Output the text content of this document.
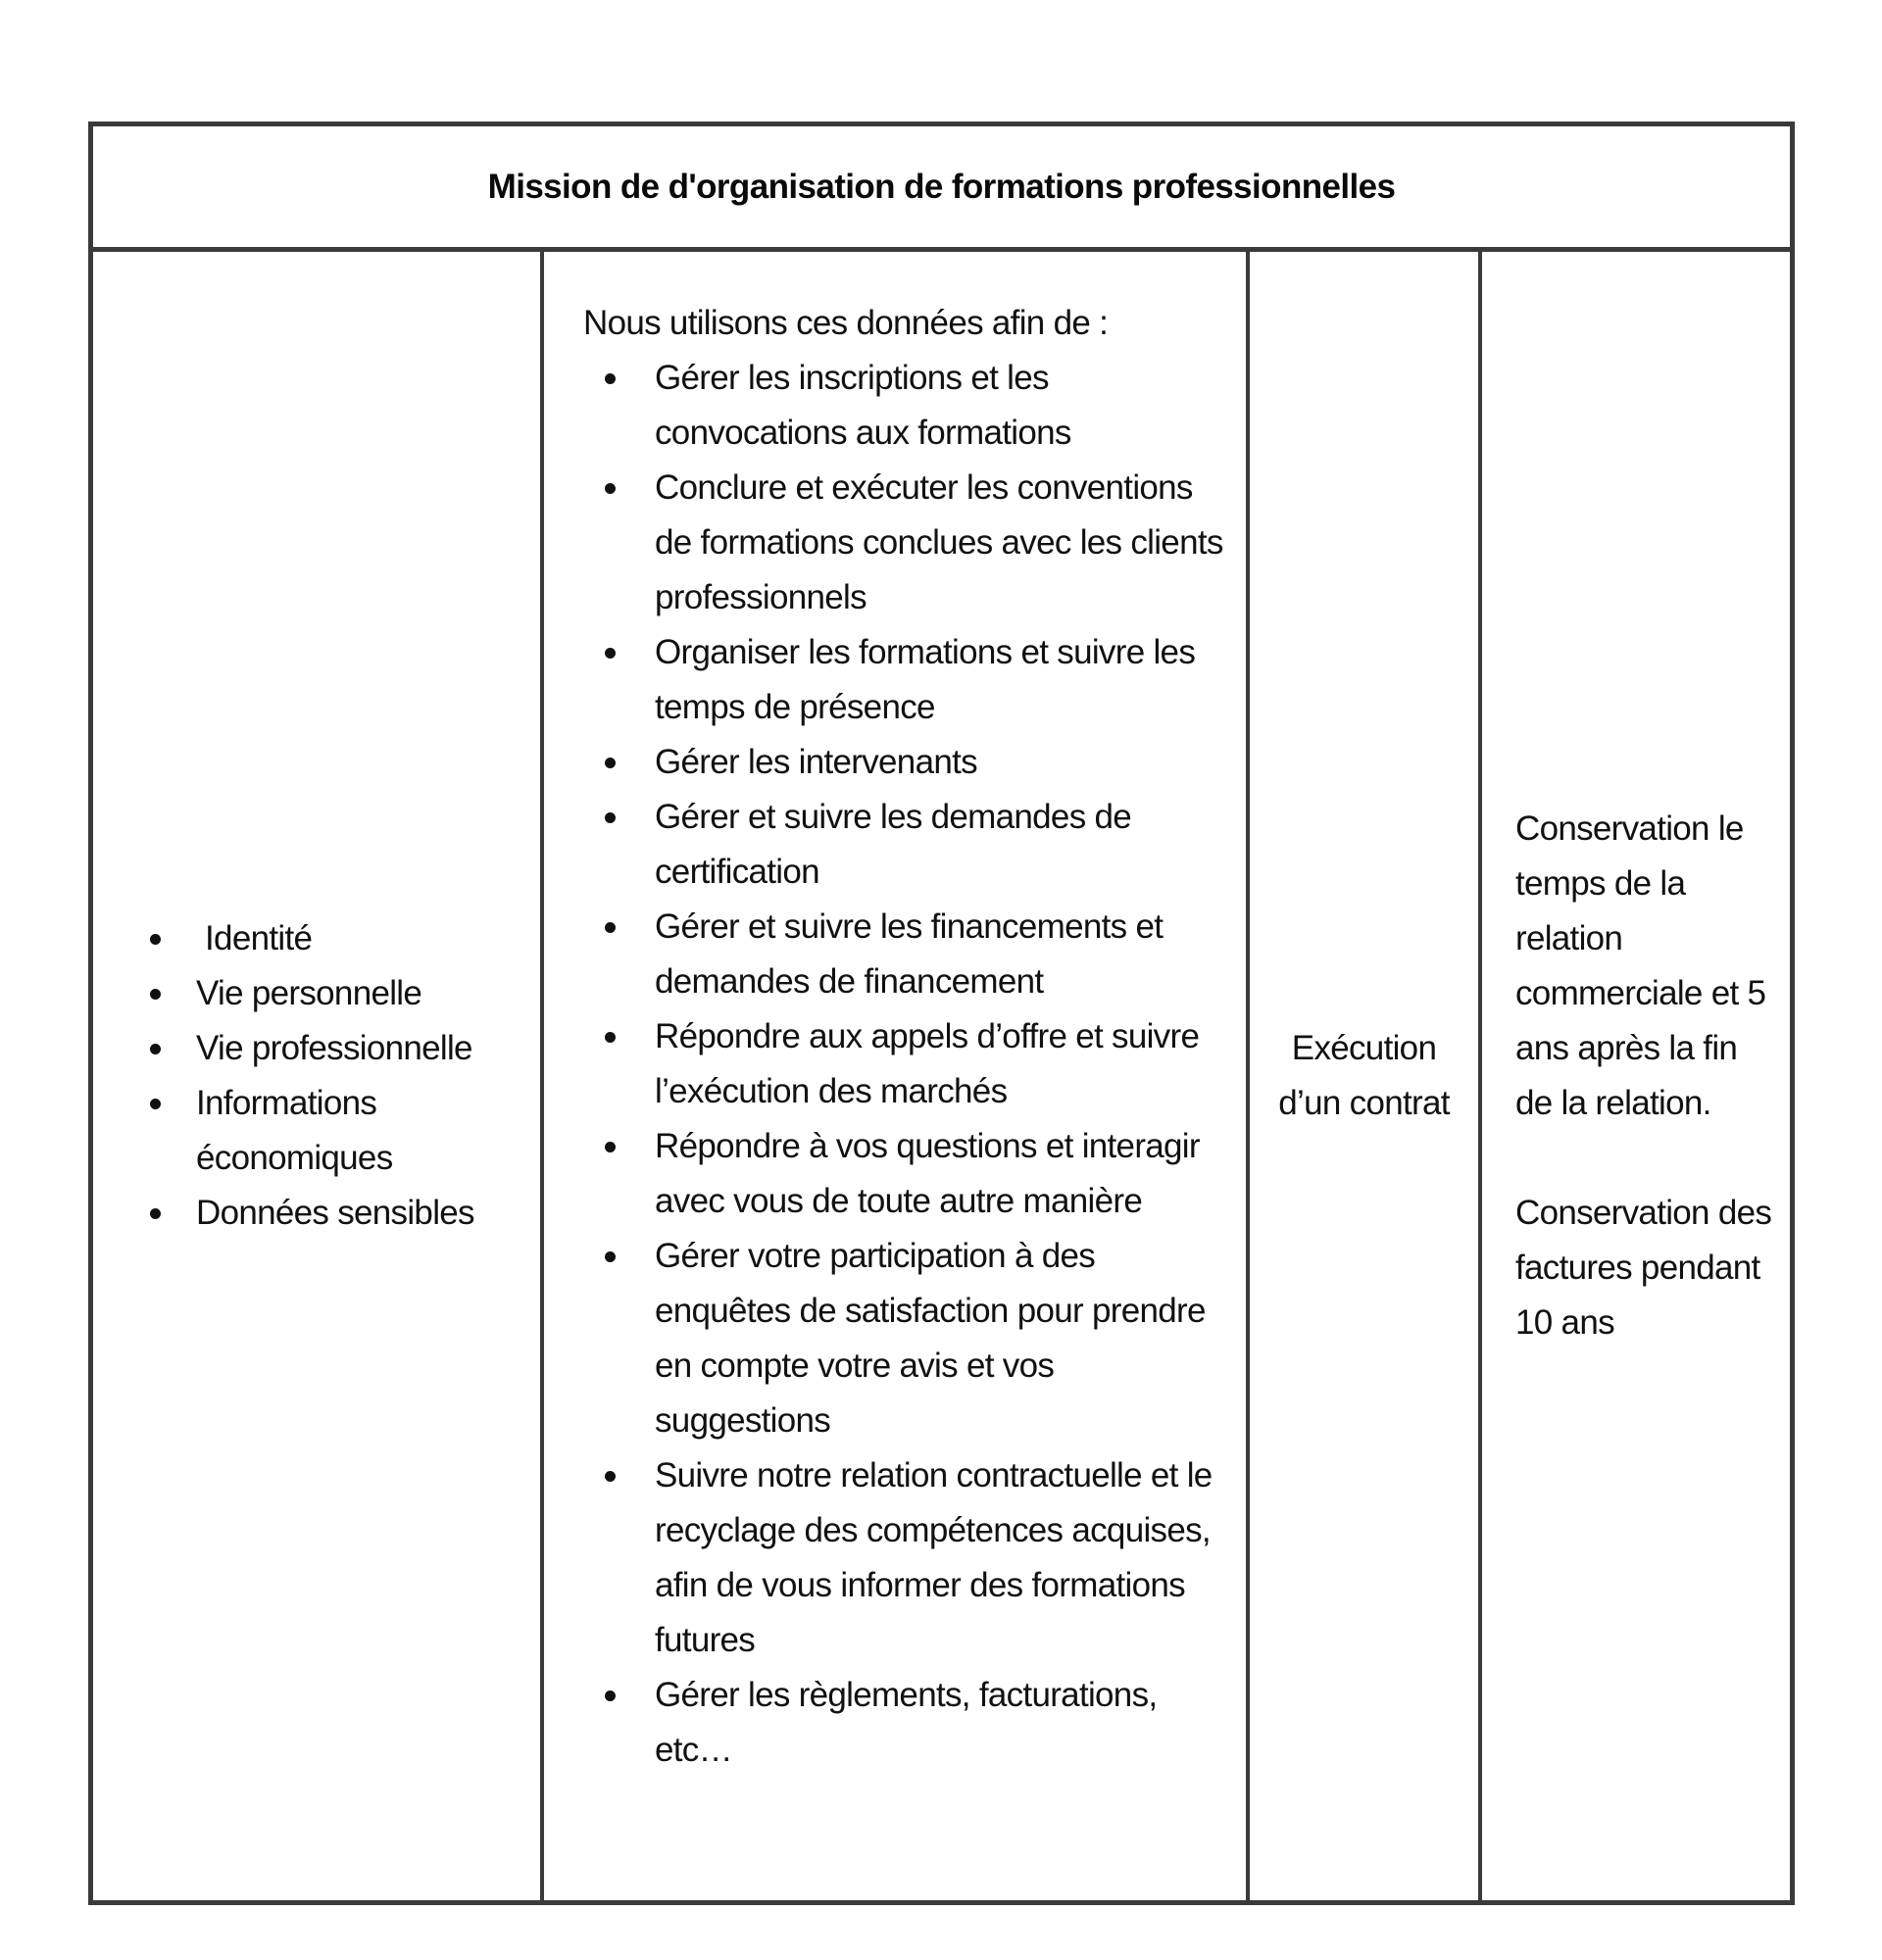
Mission de d'organisation de formations professionnelles
Identité
Vie personnelle
Vie professionnelle
Informations économiques
Données sensibles
Nous utilisons ces données afin de :
Gérer les inscriptions et les convocations aux formations
Conclure et exécuter les conventions de formations conclues avec les clients professionnels
Organiser les formations et suivre les temps de présence
Gérer les intervenants
Gérer et suivre les demandes de certification
Gérer et suivre les financements et demandes de financement
Répondre aux appels d’offre et suivre l’exécution des marchés
Répondre à vos questions et interagir avec vous de toute autre manière
Gérer votre participation à des enquêtes de satisfaction pour prendre en compte votre avis et vos suggestions
Suivre notre relation contractuelle et le recyclage des compétences acquises, afin de vous informer des formations futures
Gérer les règlements, facturations, etc…
Exécution d’un contrat
Conservation le temps de la relation commerciale et 5 ans après la fin de la relation.
Conservation des factures pendant 10 ans
